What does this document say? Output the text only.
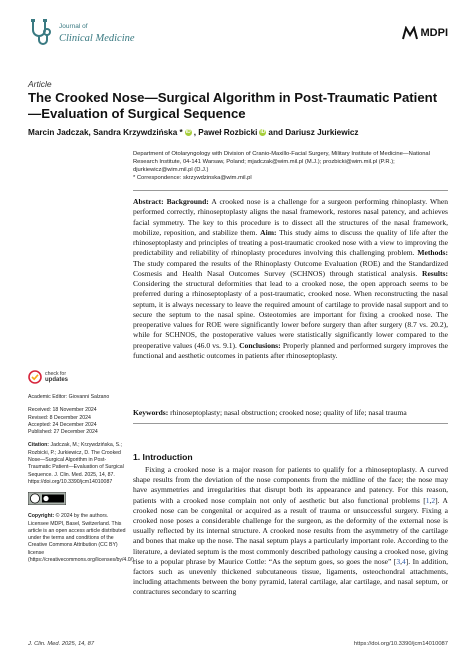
Journal of
Clinical Medicine	MDPI
Article
The Crooked Nose—Surgical Algorithm in Post-Traumatic Patient—Evaluation of Surgical Sequence
Marcin Jadczak, Sandra Krzywdzińska * iD , Paweł Rozbicki iD and Dariusz Jurkiewicz
Department of Otolaryngology with Division of Cranio-Maxillo-Facial Surgery, Military Institute of Medicine—National Research Institute, 04-141 Warsaw, Poland; mjadczak@wim.mil.pl (M.J.); prozbicki@wim.mil.pl (P.R.); djurkiewicz@wim.mil.pl (D.J.)
* Correspondence: skrzywdzinska@wim.mil.pl
Abstract: Background: A crooked nose is a challenge for a surgeon performing rhinoplasty. When performed correctly, rhinoseptoplasty aligns the nasal framework, restores nasal patency, and achieves facial symmetry. The key to this procedure is to dissect all the structures of the nasal framework, mobilize, reposition, and stabilize them. Aim: This study aims to discuss the quality of life after the rhinoseptoplasty and principles of treating a post-traumatic crooked nose with a view to improving the predictability and reliability of rhinoplasty procedures involving this challenging problem. Methods: The study compared the results of the Rhinoplasty Outcome Evaluation (ROE) and the Standardized Cosmesis and Health Nasal Outcomes Survey (SCHNOS) through statistical analysis. Results: Considering the structural deformities that lead to a crooked nose, the open approach seems to be preferred during a rhinoseptoplasty of a post-traumatic, crooked nose. When reconstructing the nasal septum, it is always necessary to leave the required amount of cartilage to provide nasal support and to secure the septum to the nasal spine. Osteotomies are important for fixing a crooked nose. The preoperative values for ROE were significantly lower before surgery than after surgery (8.7 vs. 20.2), while for SCHNOS, the postoperative values were statistically significantly lower compared to the preoperative values (46.0 vs. 9.1). Conclusions: Properly planned and performed surgery improves the functional and aesthetic outcomes in patients after rhinoseptoplasty.
Keywords: rhinoseptoplasty; nasal obstruction; crooked nose; quality of life; nasal trauma
1. Introduction
Fixing a crooked nose is a major reason for patients to qualify for a rhinoseptoplasty. A curved shape results from the deviation of the nose components from the midline of the face; the nose may have asymmetries and irregularities that disrupt both its appearance and patency. For this reason, patients with a crooked nose complain not only of aesthetic but also functional problems [1,2]. A crooked nose can be congenital or acquired as a result of trauma or unsuccessful surgery. Fixing a crooked nose poses a considerable challenge for the surgeon, as the deformity of the external nose is usually reflected by its internal structure. A crooked nose results from the asymmetry of the cartilage and bones that make up the nose. The nasal septum plays a particularly important role. According to the literature, a deviated septum is the most commonly described pathology causing a crooked nose, giving rise to a popular phrase by Maurice Cottle: “As the septum goes, so goes the nose” [3,4]. In addition, factors such as unevenly thickened subcutaneous tissue, ligaments, osteochondral attachments, including attachments between the bony pyramid, lateral cartilage, alar cartilage, and nasal septum, or contractures secondary to scarring
check for
updates
Academic Editor: Giovanni Salzano
Received: 18 November 2024
Revised: 8 December 2024
Accepted: 24 December 2024
Published: 27 December 2024
Citation: Jadczak, M.; Krzywdzińska, S.; Rozbicki, P.; Jurkiewicz, D. The Crooked Nose—Surgical Algorithm in Post-Traumatic Patient—Evaluation of Surgical Sequence. J. Clin. Med. 2025, 14, 87. https://doi.org/10.3390/jcm14010087
Copyright: © 2024 by the authors. Licensee MDPI, Basel, Switzerland. This article is an open access article distributed under the terms and conditions of the Creative Commons Attribution (CC BY) license (https://creativecommons.org/licenses/by/4.0/).
J. Clin. Med. 2025, 14, 87	https://doi.org/10.3390/jcm14010087
